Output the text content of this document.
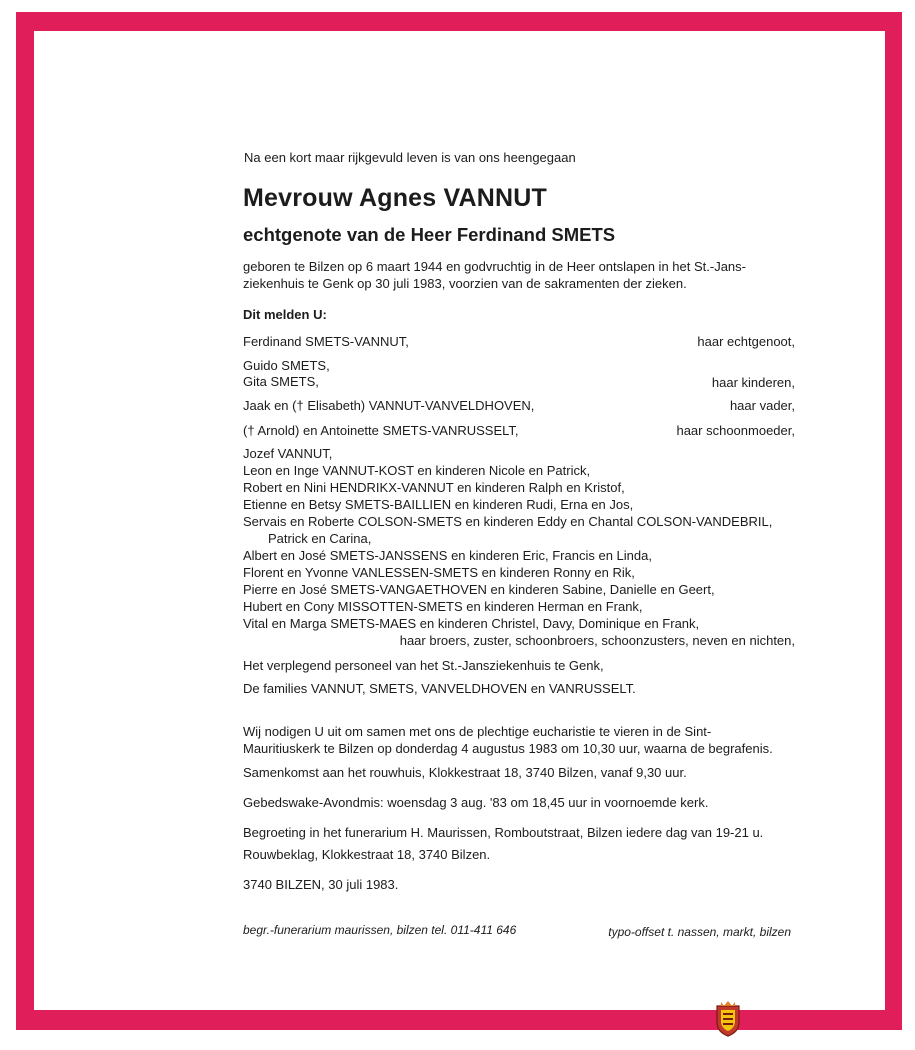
Na een kort maar rijkgevuld leven is van ons heengegaan
Mevrouw Agnes VANNUT
echtgenote van de Heer Ferdinand SMETS
geboren te Bilzen op 6 maart 1944 en godvruchtig in de Heer ontslapen in het St.-Jans-
ziekenhuis te Genk op 30 juli 1983, voorzien van de sakramenten der zieken.
Dit melden U:
Ferdinand SMETS-VANNUT,	haar echtgenoot,
Guido SMETS,
Gita SMETS,	haar kinderen,
Jaak en († Elisabeth) VANNUT-VANVELDHOVEN,	haar vader,
(† Arnold) en Antoinette SMETS-VANRUSSELT,	haar schoonmoeder,
Jozef VANNUT,
Leon en Inge VANNUT-KOST en kinderen Nicole en Patrick,
Robert en Nini HENDRIKX-VANNUT en kinderen Ralph en Kristof,
Etienne en Betsy SMETS-BAILLIEN en kinderen Rudi, Erna en Jos,
Servais en Roberte COLSON-SMETS en kinderen Eddy en Chantal COLSON-VANDEBRIL,
Patrick en Carina,
Albert en José SMETS-JANSSENS en kinderen Eric, Francis en Linda,
Florent en Yvonne VANLESSEN-SMETS en kinderen Ronny en Rik,
Pierre en José SMETS-VANGAETHOVEN en kinderen Sabine, Danielle en Geert,
Hubert en Cony MISSOTTEN-SMETS en kinderen Herman en Frank,
Vital en Marga SMETS-MAES en kinderen Christel, Davy, Dominique en Frank,
haar broers, zuster, schoonbroers, schoonzusters, neven en nichten,
Het verplegend personeel van het St.-Jansziekenhuis te Genk,
De families VANNUT, SMETS, VANVELDHOVEN en VANRUSSELT.
Wij nodigen U uit om samen met ons de plechtige eucharistie te vieren in de Sint-
Mauritiuskerk te Bilzen op donderdag 4 augustus 1983 om 10,30 uur, waarna de begrafenis.
Samenkomst aan het rouwhuis, Klokkestraat 18, 3740 Bilzen, vanaf 9,30 uur.
Gebedswake-Avondmis: woensdag 3 aug. '83 om 18,45 uur in voornoemde kerk.
Begroeting in het funerarium H. Maurissen, Romboutstraat, Bilzen iedere dag van 19-21 u.
Rouwbeklag, Klokkestraat 18, 3740 Bilzen.
3740 BILZEN, 30 juli 1983.
begr.-funerarium maurissen, bilzen tel. 011-411 646	typo-offset t. nassen, markt, bilzen
www.daris.be
